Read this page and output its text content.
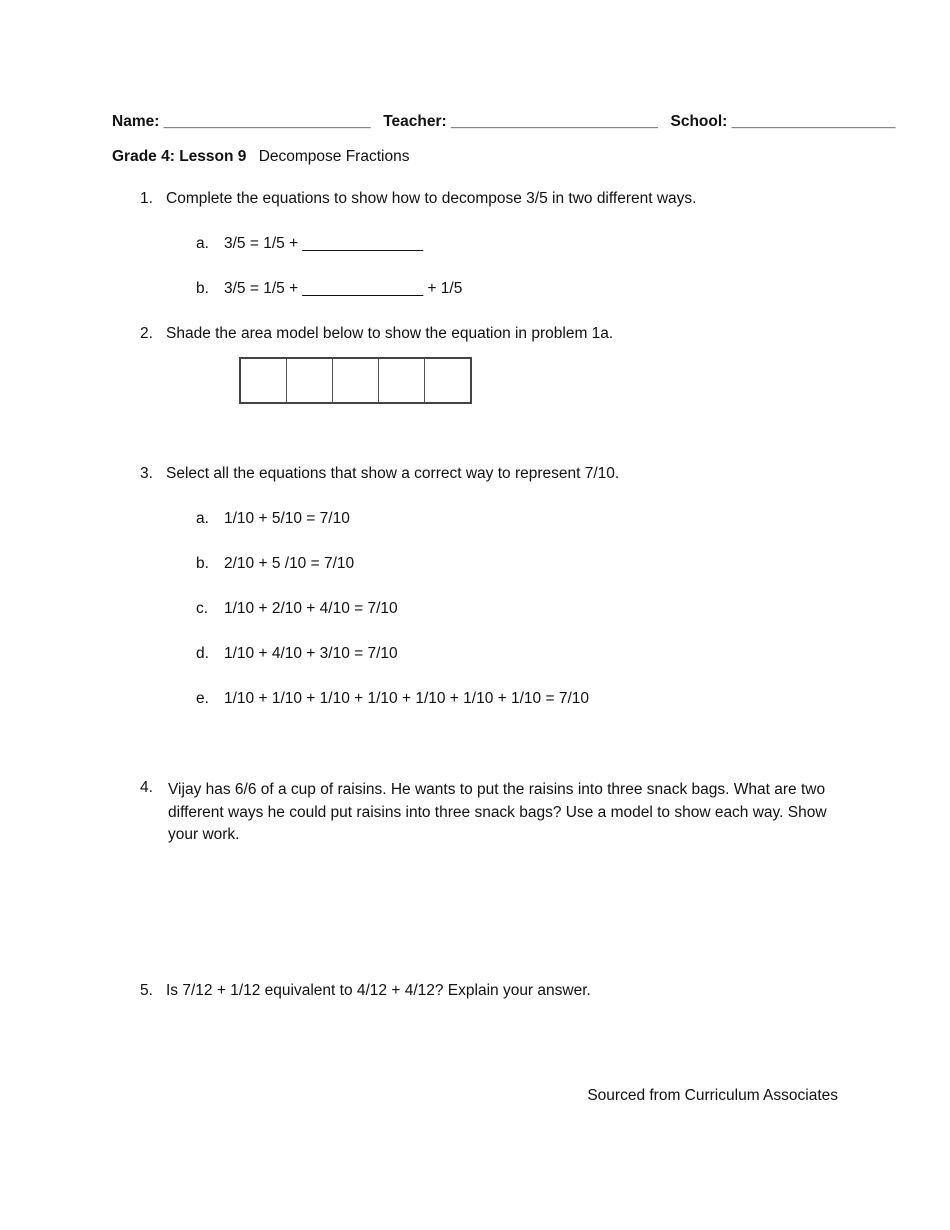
Name: ________________________ Teacher: ________________________ School: ___________________
Grade 4: Lesson 9 Decompose Fractions
1. Complete the equations to show how to decompose 3/5 in two different ways.
a. 3/5 = 1/5 + ______________
b. 3/5 = 1/5 + ______________ + 1/5
2. Shade the area model below to show the equation in problem 1a.
3. Select all the equations that show a correct way to represent 7/10.
a. 1/10 + 5/10 = 7/10
b. 2/10 + 5 /10 = 7/10
c. 1/10 + 2/10 + 4/10 = 7/10
d. 1/10 + 4/10 + 3/10 = 7/10
e. 1/10 + 1/10 + 1/10 + 1/10 + 1/10 + 1/10 + 1/10 = 7/10
4. Vijay has 6/6 of a cup of raisins. He wants to put the raisins into three snack bags. What are two different ways he could put raisins into three snack bags? Use a model to show each way. Show your work.
5. Is 7/12 + 1/12 equivalent to 4/12 + 4/12? Explain your answer.
Sourced from Curriculum Associates
